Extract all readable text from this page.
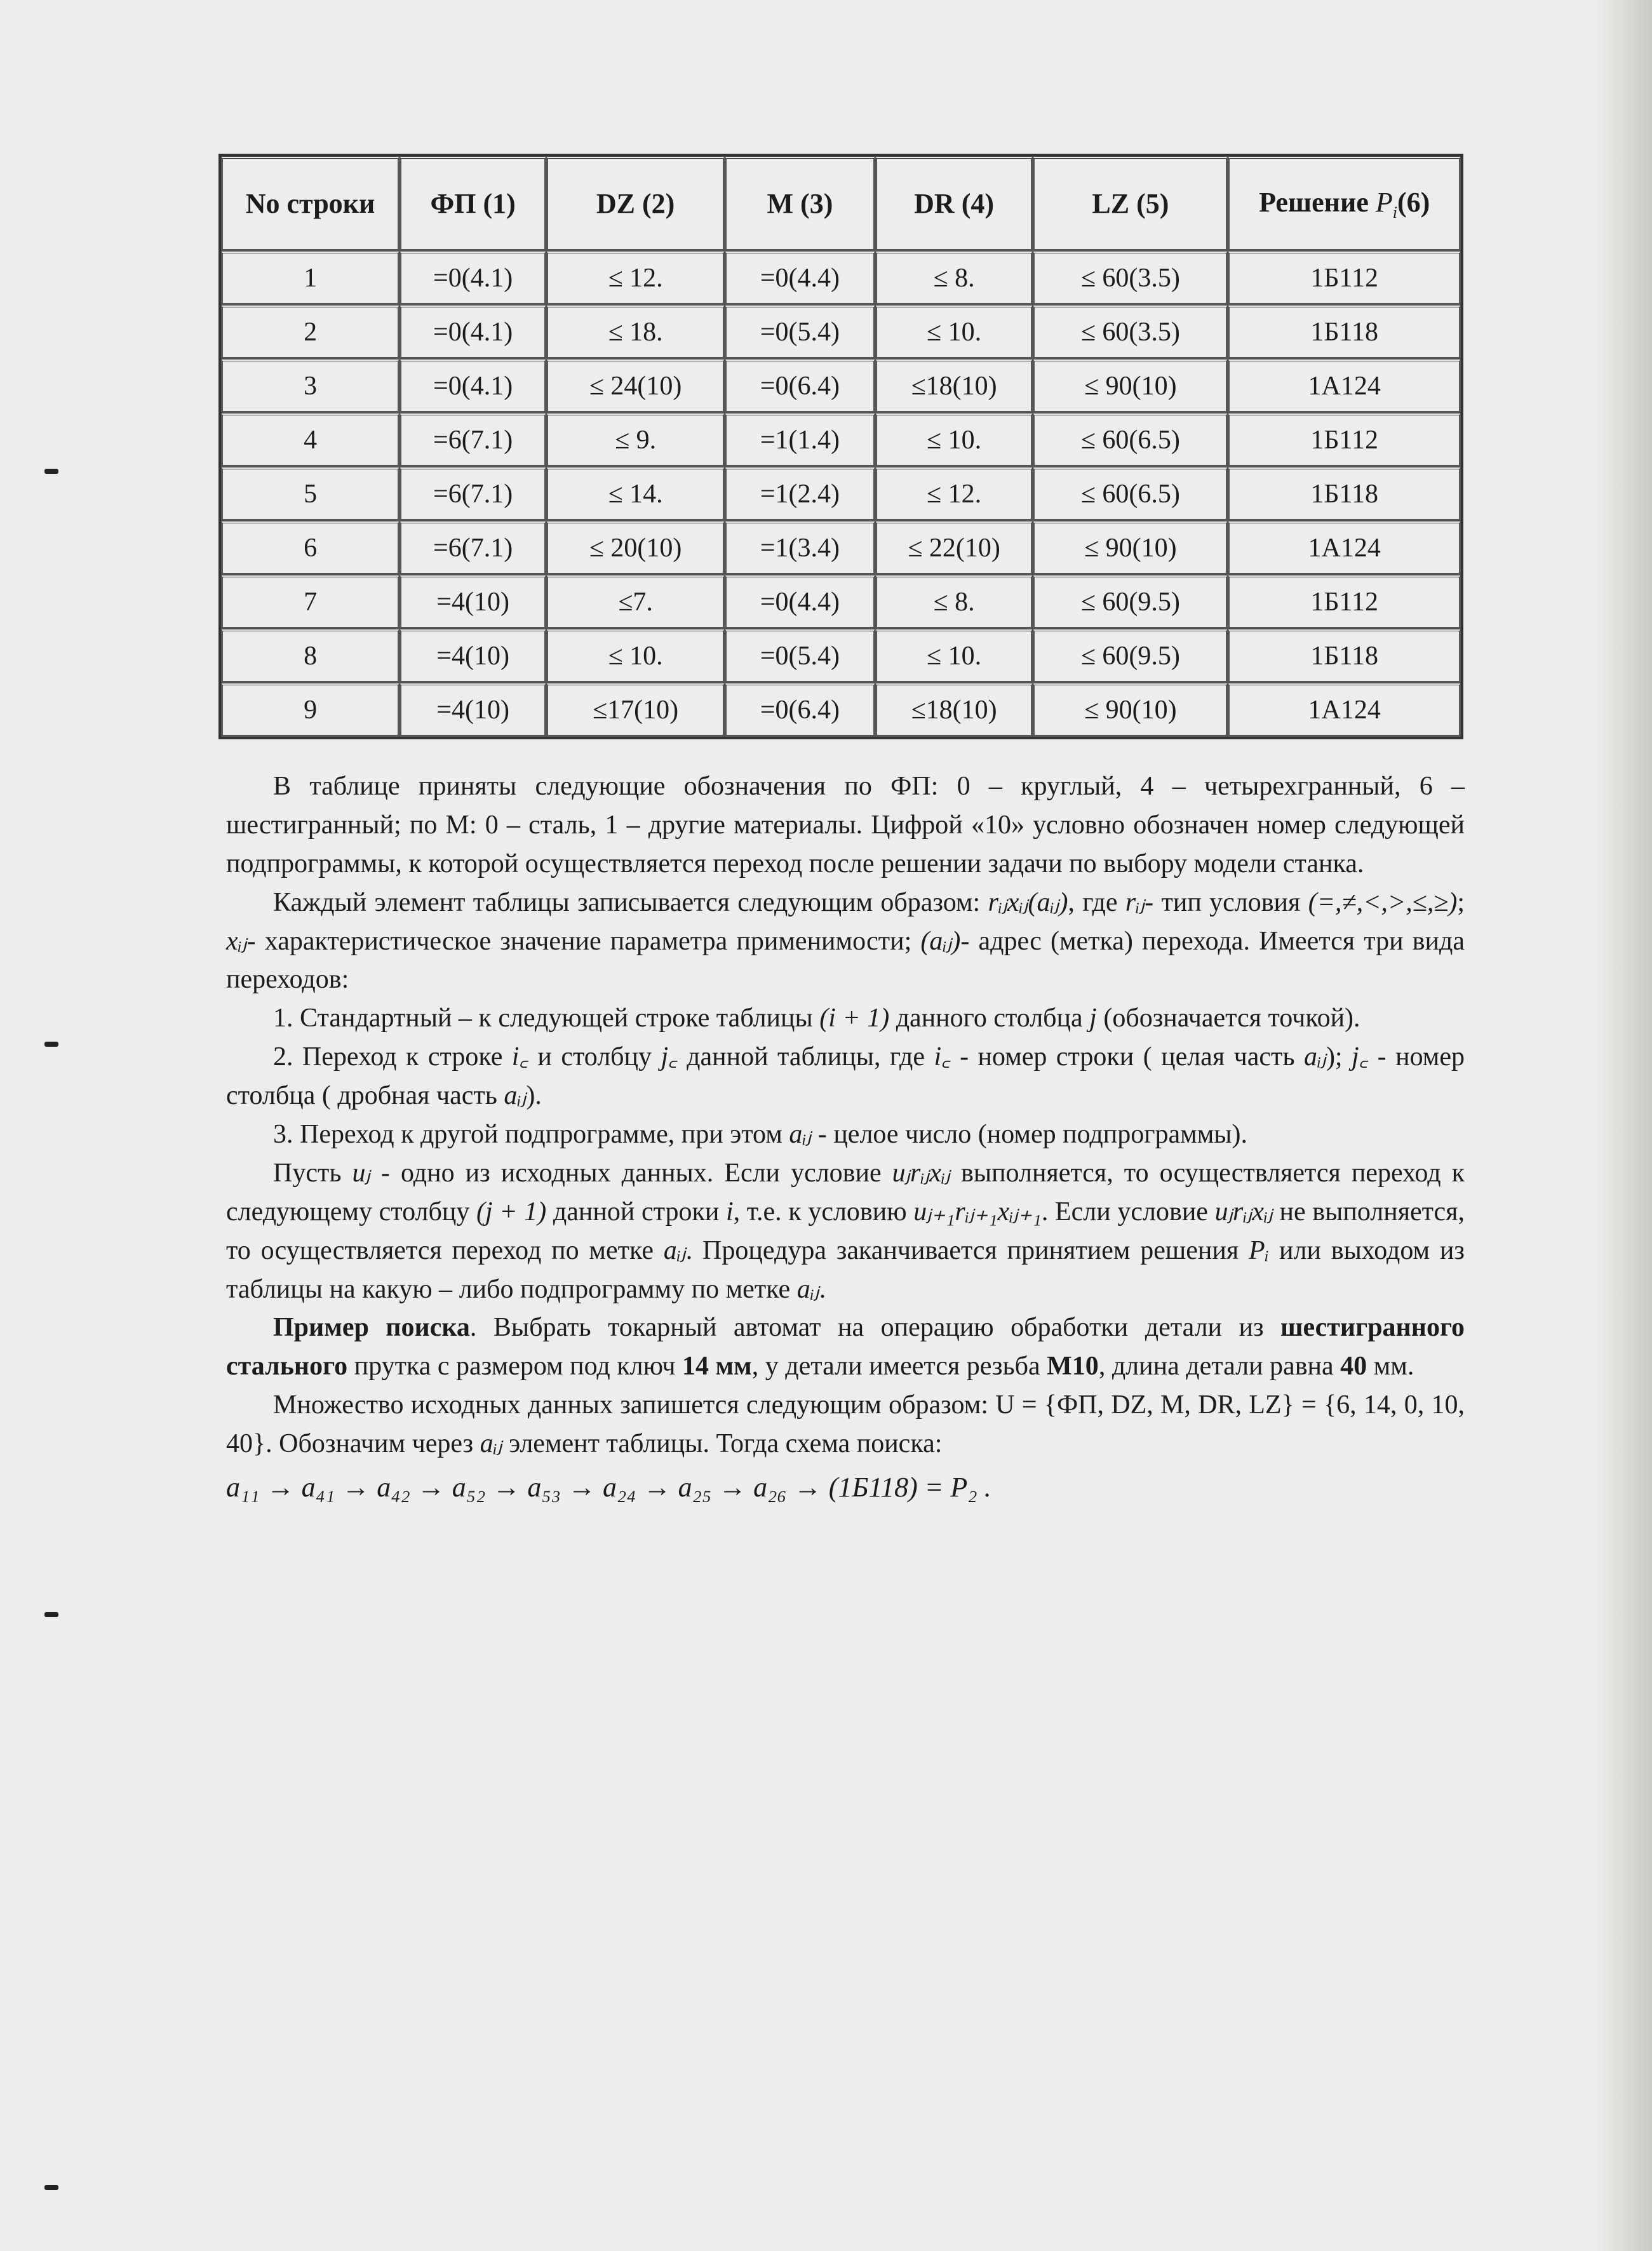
No строки	ФП (1)	DZ (2)	M (3)	DR (4)	LZ (5)	Решение $P_i(6)$
1	=0(4.1)	≤ 12.	=0(4.4)	≤ 8.	≤ 60(3.5)	1Б112
2	=0(4.1)	≤ 18.	=0(5.4)	≤ 10.	≤ 60(3.5)	1Б118
3	=0(4.1)	≤ 24(10)	=0(6.4)	≤18(10)	≤ 90(10)	1А124
4	=6(7.1)	≤ 9.	=1(1.4)	≤ 10.	≤ 60(6.5)	1Б112
5	=6(7.1)	≤ 14.	=1(2.4)	≤ 12.	≤ 60(6.5)	1Б118
6	=6(7.1)	≤ 20(10)	=1(3.4)	≤ 22(10)	≤ 90(10)	1А124
7	=4(10)	≤7.	=0(4.4)	≤ 8.	≤ 60(9.5)	1Б112
8	=4(10)	≤ 10.	=0(5.4)	≤ 10.	≤ 60(9.5)	1Б118
9	=4(10)	≤17(10)	=0(6.4)	≤18(10)	≤ 90(10)	1А124

В таблице приняты следующие обозначения по ФП: 0 – круглый, 4 – четырехгранный, 6 – шестигранный; по М: 0 – сталь, 1 – другие материалы. Цифрой «10» условно обозначен номер следующей подпрограммы, к которой осуществляется переход после решении задачи по выбору модели станка.

Каждый элемент таблицы записывается следующим образом: rᵢⱼxᵢⱼ(aᵢⱼ), где rᵢⱼ- тип условия (=,≠,<,>,≤,≥); xᵢⱼ- характеристическое значение параметра применимости; (aᵢⱼ)- адрес (метка) перехода. Имеется три вида переходов:

1. Стандартный – к следующей строке таблицы (i + 1) данного столбца j (обозначается точкой).

2. Переход к строке i꜀ и столбцу j꜀ данной таблицы, где i꜀ - номер строки ( целая часть aᵢⱼ); j꜀ - номер столбца ( дробная часть aᵢⱼ).

3. Переход к другой подпрограмме, при этом aᵢⱼ - целое число (номер подпрограммы).

Пусть uⱼ - одно из исходных данных. Если условие uⱼrᵢⱼxᵢⱼ выполняется, то осуществляется переход к следующему столбцу (j + 1) данной строки i, т.е. к условию uⱼ₊₁rᵢⱼ₊₁xᵢⱼ₊₁. Если условие uⱼrᵢⱼxᵢⱼ не выполняется, то осуществляется переход по метке aᵢⱼ. Процедура заканчивается принятием решения Pᵢ или выходом из таблицы на какую – либо подпрограмму по метке aᵢⱼ.

Пример поиска. Выбрать токарный автомат на операцию обработки детали из шестигранного стального прутка с размером под ключ 14 мм, у детали имеется резьба М10, длина детали равна 40 мм.

Множество исходных данных запишется следующим образом: U = {ФП, DZ, M, DR, LZ} = {6, 14, 0, 10, 40}. Обозначим через aᵢⱼ элемент таблицы. Тогда схема поиска:

a₁₁ → a₄₁ → a₄₂ → a₅₂ → a₅₃ → a₂₄ → a₂₅ → a₂₆ → (1Б118) = P₂ .
